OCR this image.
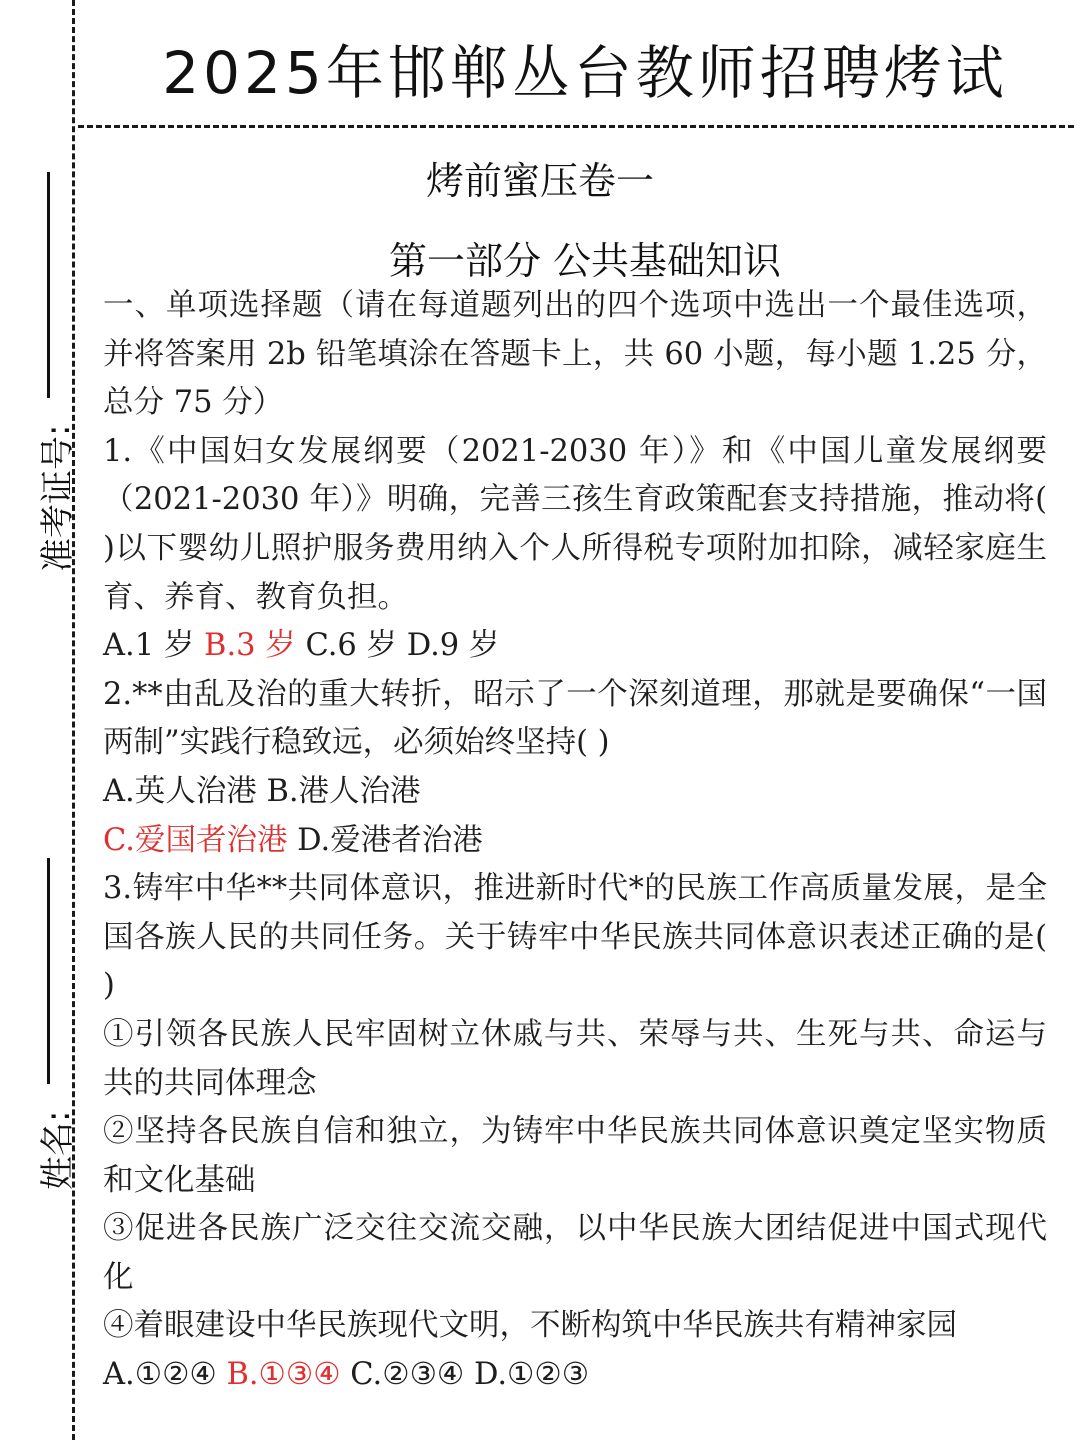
准考证号:
姓名:
2025年邯郸丛台教师招聘烤试
烤前蜜压卷一
第一部分 公共基础知识

一、单项选择题（请在每道题列出的四个选项中选出一个最佳选项，并将答案用 2b 铅笔填涂在答题卡上，共 60 小题，每小题 1.25 分，总分 75 分）

1.《中国妇女发展纲要（2021-2030 年）》和《中国儿童发展纲要（2021-2030 年）》明确，完善三孩生育政策配套支持措施，推动将( )以下婴幼儿照护服务费用纳入个人所得税专项附加扣除，减轻家庭生育、养育、教育负担。

A.1 岁 B.3 岁 C.6 岁 D.9 岁

2.**由乱及治的重大转折，昭示了一个深刻道理，那就是要确保“一国两制”实践行稳致远，必须始终坚持( )

A.英人治港 B.港人治港

C.爱国者治港 D.爱港者治港

3.铸牢中华**共同体意识，推进新时代*的民族工作高质量发展，是全国各族人民的共同任务。关于铸牢中华民族共同体意识表述正确的是( )

①引领各民族人民牢固树立休戚与共、荣辱与共、生死与共、命运与共的共同体理念

②坚持各民族自信和独立，为铸牢中华民族共同体意识奠定坚实物质和文化基础

③促进各民族广泛交往交流交融，以中华民族大团结促进中国式现代化

④着眼建设中华民族现代文明，不断构筑中华民族共有精神家园

A.①②④ B.①③④ C.②③④ D.①②③
